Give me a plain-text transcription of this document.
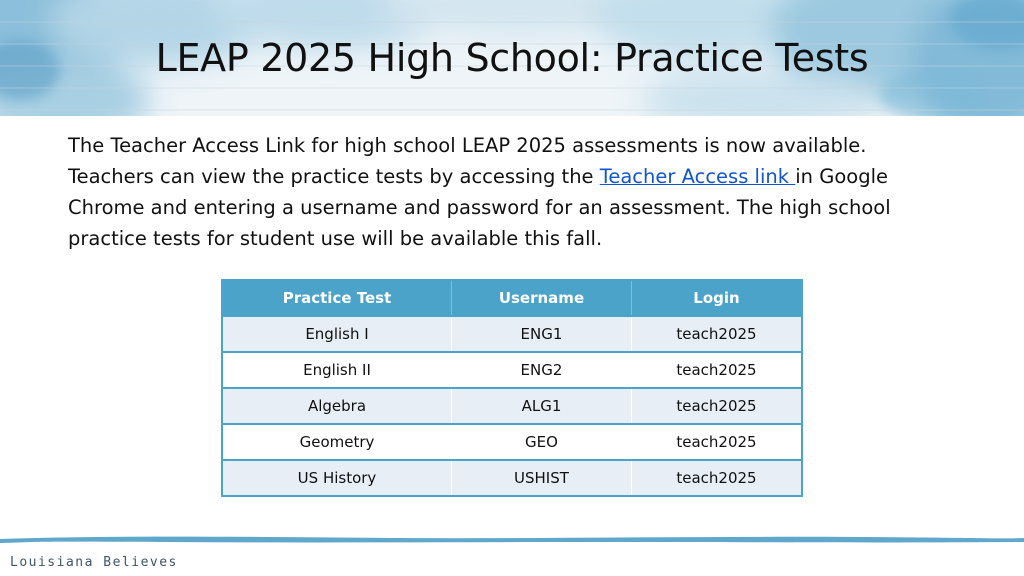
LEAP 2025 High School: Practice Tests

The Teacher Access Link for high school LEAP 2025 assessments is now available. Teachers can view the practice tests by accessing the Teacher Access link in Google Chrome and entering a username and password for an assessment. The high school practice tests for student use will be available this fall.

Practice Test	Username	Login
English I	ENG1	teach2025
English II	ENG2	teach2025
Algebra	ALG1	teach2025
Geometry	GEO	teach2025
US History	USHIST	teach2025

Louisiana Believes
